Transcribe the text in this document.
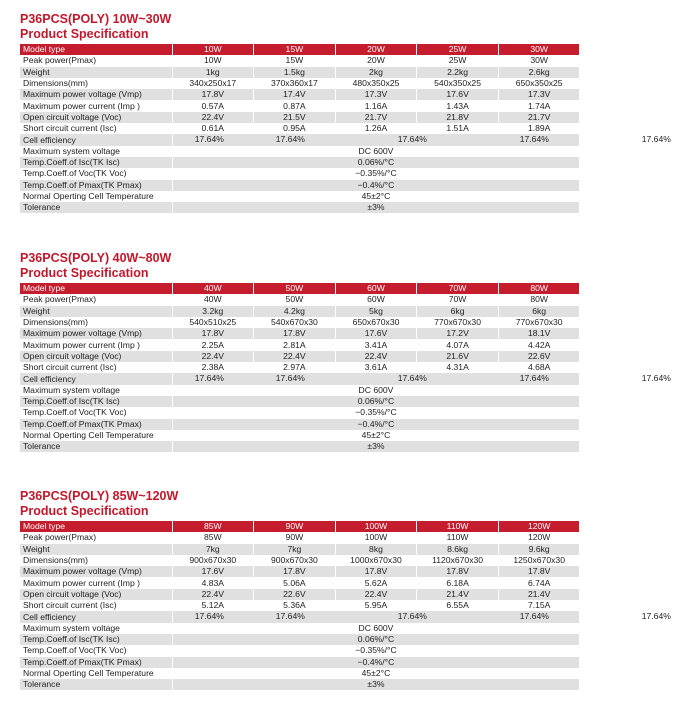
P36PCS(POLY) 10W~30W
Product Specification
Model type	10W	15W	20W	25W	30W
Peak power(Pmax)	10W	15W	20W	25W	30W
Weight	1kg	1.5kg	2kg	2.2kg	2.6kg
Dimensions(mm)	340x250x17	370x360x17	480x350x25	540x350x25	650x350x25
Maximum power voltage (Vmp)	17.8V	17.4V	17.3V	17.6V	17.3V
Maximum power current (Imp )	0.57A	0.87A	1.16A	1.43A	1.74A
Open circuit voltage (Voc)	22.4V	21.5V	21.7V	21.8V	21.7V
Short circuit current (Isc)	0.61A	0.95A	1.26A	1.51A	1.89A
Cell efficiency	17.64% 17.64% 17.64% 17.64% 17.64%				

Maximum system voltage	DC 600V				
Temp.Coeff.of Isc(TK Isc)	0.06%/°C				
Temp.Coeff.of Voc(TK Voc)	−0.35%/°C				
Temp.Coeff.of Pmax(TK Pmax)	−0.4%/°C				
Normal Operting Cell Temperature	45±2°C				
Tolerance	±3%				
P36PCS(POLY) 40W~80W
Product Specification
Model type	40W	50W	60W	70W	80W
Peak power(Pmax)	40W	50W	60W	70W	80W
Weight	3.2kg	4.2kg	5kg	6kg	6kg
Dimensions(mm)	540x510x25	540x670x30	650x670x30	770x670x30	770x670x30
Maximum power voltage (Vmp)	17.8V	17.8V	17.6V	17.2V	18.1V
Maximum power current (Imp )	2.25A	2.81A	3.41A	4.07A	4.42A
Open circuit voltage (Voc)	22.4V	22.4V	22.4V	21.6V	22.6V
Short circuit current (Isc)	2.38A	2.97A	3.61A	4.31A	4.68A
Cell efficiency	17.64% 17.64% 17.64% 17.64% 17.64%				

Maximum system voltage	DC 600V				
Temp.Coeff.of Isc(TK Isc)	0.06%/°C				
Temp.Coeff.of Voc(TK Voc)	−0.35%/°C				
Temp.Coeff.of Pmax(TK Pmax)	−0.4%/°C				
Normal Operting Cell Temperature	45±2°C				
Tolerance	±3%				
P36PCS(POLY) 85W~120W
Product Specification
Model type	85W	90W	100W	110W	120W
Peak power(Pmax)	85W	90W	100W	110W	120W
Weight	7kg	7kg	8kg	8.6kg	9.6kg
Dimensions(mm)	900x670x30	900x670x30	1000x670x30	1120x670x30	1250x670x30
Maximum power voltage (Vmp)	17.6V	17.8V	17.8V	17.8V	17.8V
Maximum power current (Imp )	4.83A	5.06A	5.62A	6.18A	6.74A
Open circuit voltage (Voc)	22.4V	22.6V	22.4V	21.4V	21.4V
Short circuit current (Isc)	5.12A	5.36A	5.95A	6.55A	7.15A
Cell efficiency	17.64% 17.64% 17.64% 17.64% 17.64%				

Maximum system voltage	DC 600V				
Temp.Coeff.of Isc(TK Isc)	0.06%/°C				
Temp.Coeff.of Voc(TK Voc)	−0.35%/°C				
Temp.Coeff.of Pmax(TK Pmax)	−0.4%/°C				
Normal Operting Cell Temperature	45±2°C				
Tolerance	±3%				
